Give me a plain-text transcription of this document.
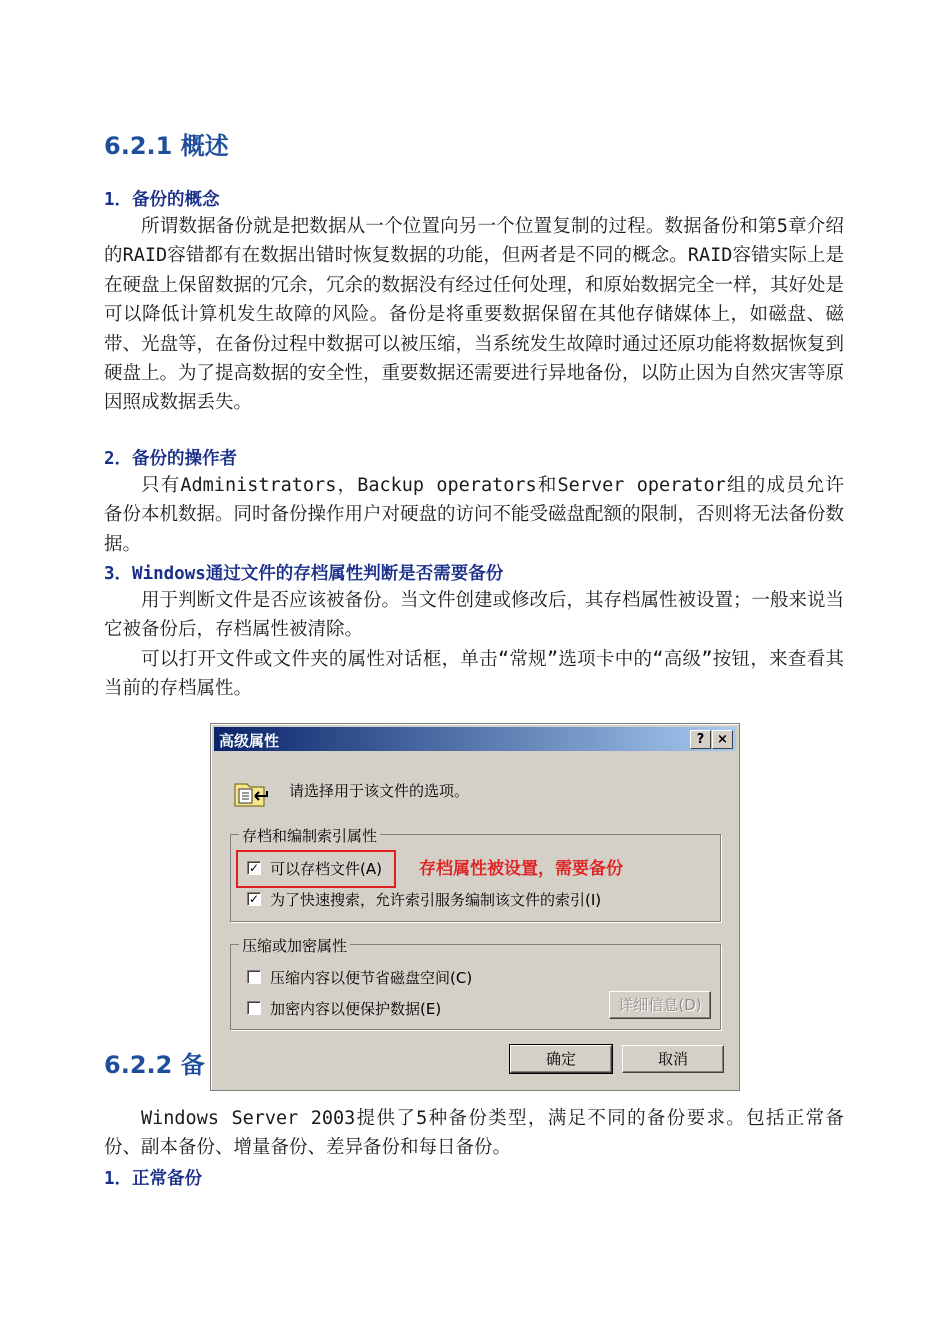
6.2.1 概述
1．备份的概念

所谓数据备份就是把数据从一个位置向另一个位置复制的过程。数据备份和第5章介绍的RAID容错都有在数据出错时恢复数据的功能，但两者是不同的概念。RAID容错实际上是在硬盘上保留数据的冗余，冗余的数据没有经过任何处理，和原始数据完全一样，其好处是可以降低计算机发生故障的风险。备份是将重要数据保留在其他存储媒体上，如磁盘、磁带、光盘等，在备份过程中数据可以被压缩，当系统发生故障时通过还原功能将数据恢复到硬盘上。为了提高数据的安全性，重要数据还需要进行异地备份，以防止因为自然灾害等原因照成数据丢失。

2．备份的操作者

只有Administrators，Backup operators和Server operator组的成员允许备份本机数据。同时备份操作用户对硬盘的访问不能受磁盘配额的限制，否则将无法备份数据。

3．Windows通过文件的存档属性判断是否需要备份

用于判断文件是否应该被备份。当文件创建或修改后，其存档属性被设置；一般来说当它被备份后，存档属性被清除。

可以打开文件或文件夹的属性对话框，单击“常规”选项卡中的“高级”按钮，来查看其当前的存档属性。

6.2.2 备
高级属性	? ×
请选择用于该文件的选项。
存档和编制索引属性
✓ 可以存档文件(A)
✓ 为了快速搜索，允许索引服务编制该文件的索引(I)
存档属性被设置，需要备份
压缩或加密属性
压缩内容以便节省磁盘空间(C)
加密内容以便保护数据(E)	详细信息(D)
确定	取消

Windows Server 2003提供了5种备份类型，满足不同的备份要求。包括正常备份、副本备份、增量备份、差异备份和每日备份。

1．正常备份
